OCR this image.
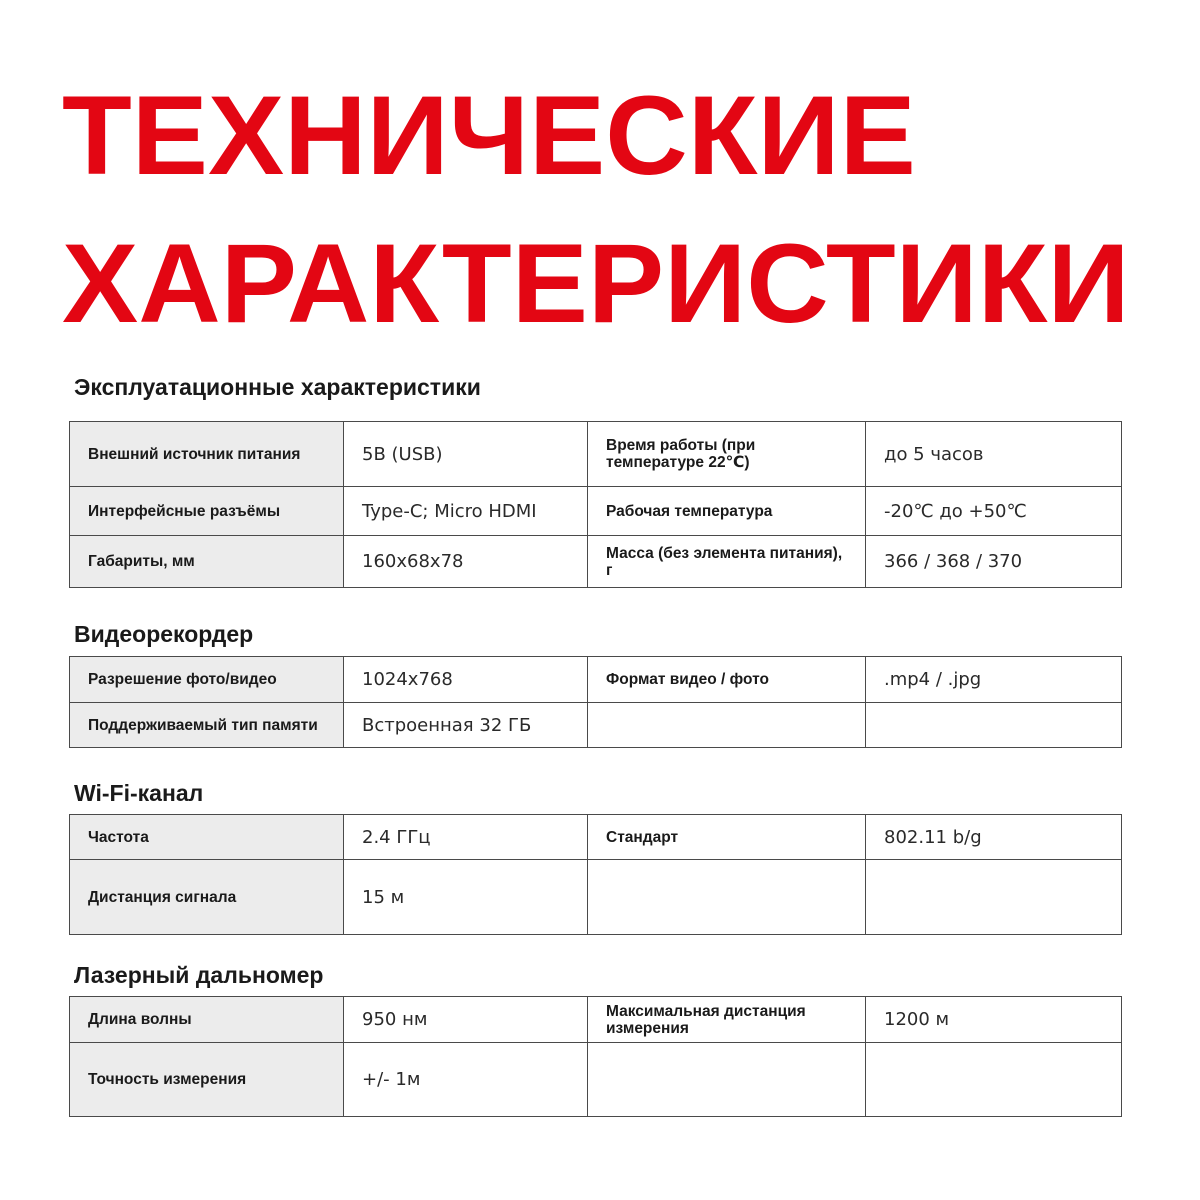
ТЕХНИЧЕСКИЕ
ХАРАКТЕРИСТИКИ
Эксплуатационные характеристики
Внешний источник питания	5В (USB)	Время работы (при температуре 22℃)	до 5 часов
Интерфейсные разъёмы	Type-C; Micro HDMI	Рабочая температура	-20℃ до +50℃
Габариты, мм	160x68x78	Масса (без элемента питания), г	366 / 368 / 370
Видеорекордер
Разрешение фото/видео	1024x768	Формат видео / фото	.mp4 / .jpg
Поддерживаемый тип памяти	Встроенная 32 ГБ		
Wi-Fi-канал
Частота	2.4 ГГц	Стандарт	802.11 b/g
Дистанция сигнала	15 м		
Лазерный дальномер
Длина волны	950 нм	Максимальная дистанция измерения	1200 м
Точность измерения	+/- 1м		
